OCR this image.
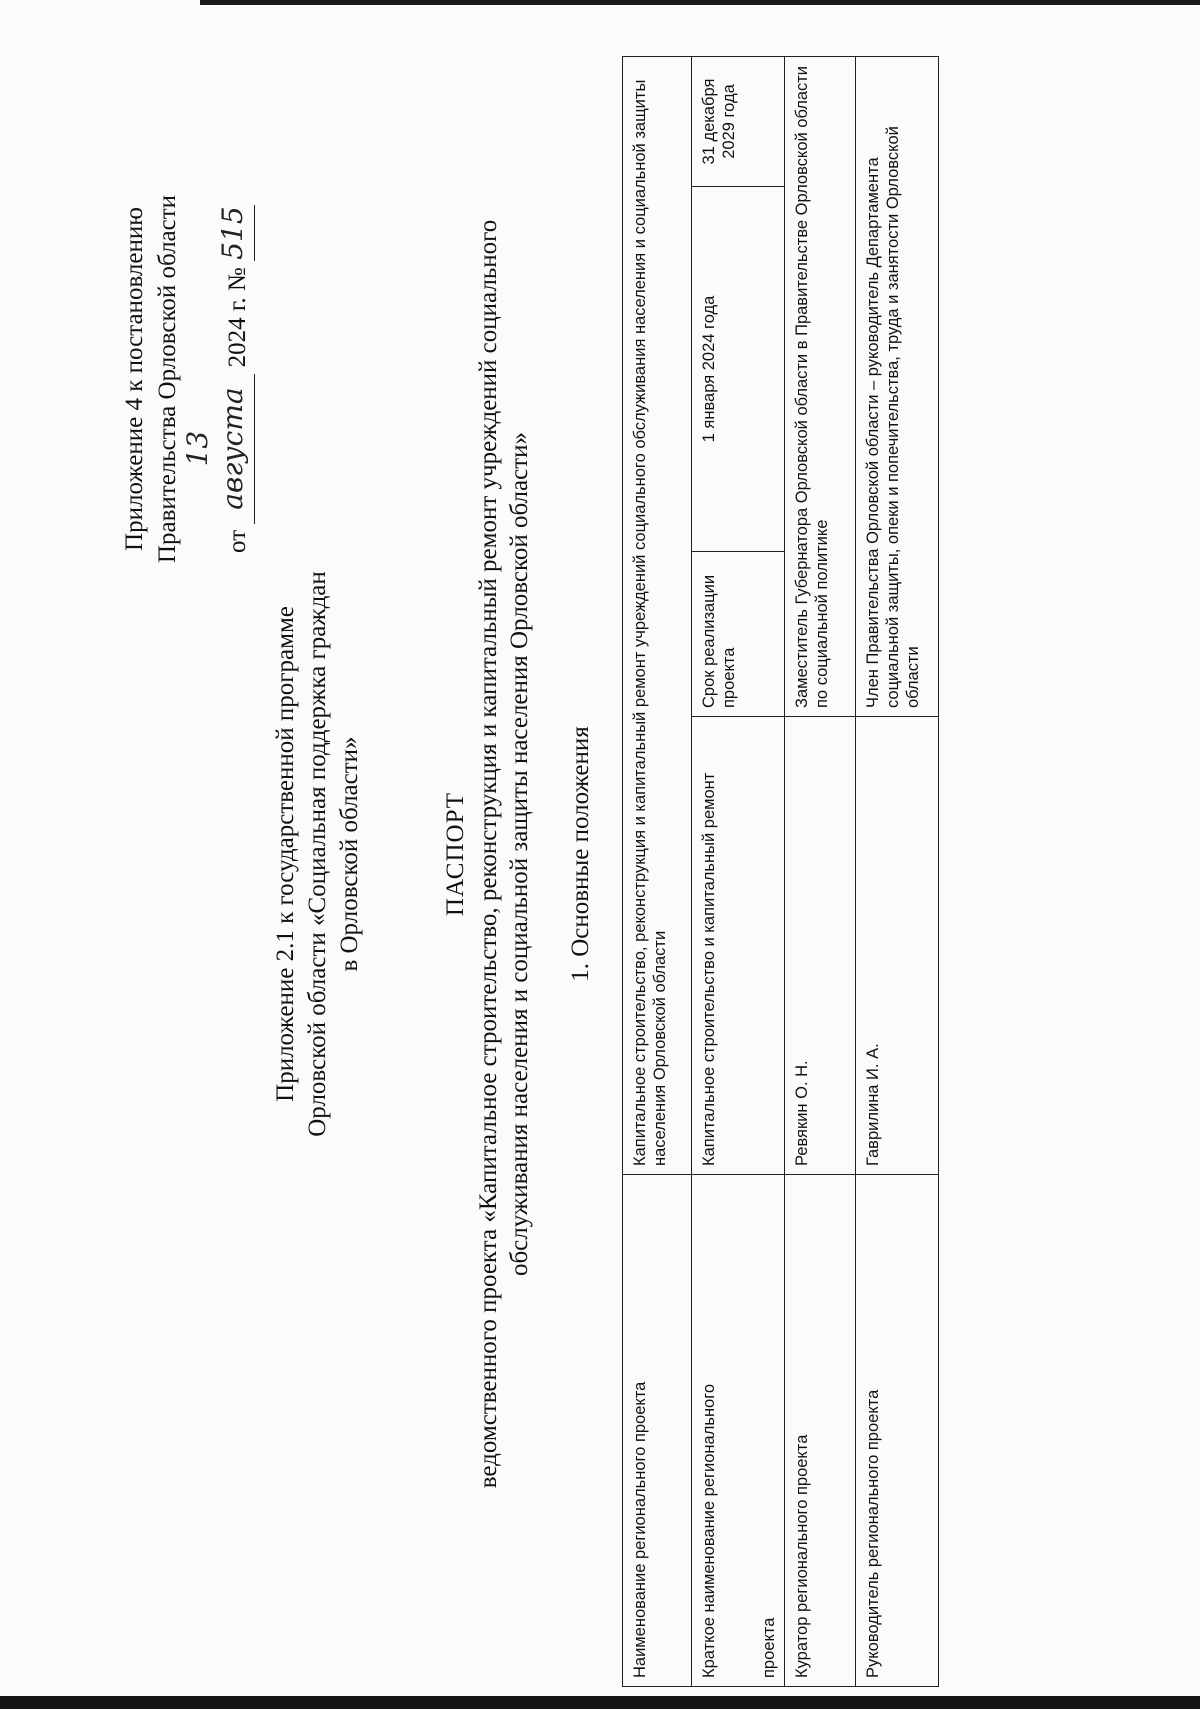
Приложение 4 к постановлению Правительства Орловской области	от 13 августа 2024 г. № 515
Приложение 2.1 к государственной программе Орловской области «Социальная поддержка граждан в Орловской области»	ПАСПОРТ ведомственного проекта «Капитальное строительство, реконструкция и капитальный ремонт учреждений социального обслуживания населения и социальной защиты населения Орловской области» 1. Основные положения
Наименование регионального проекта	Капитальное строительство, реконструкция и капитальный ремонт учреждений социального обслуживания населения и социальной защиты населения Орловской области			

Краткое наименование регионального проекта	Капитальное строительство и капитальный ремонт	Срок реализации проекта	1 января 2024 года	31 декабря 2029 года
Куратор регионального проекта	Ревякин О. Н.	Заместитель Губернатора Орловской области в Правительстве Орловской области по социальной политике		
Руководитель регионального проекта	Гаврилина И. А.	Член Правительства Орловской области – руководитель Департамента социальной защиты, опеки и попечительства, труда и занятости Орловской области		
